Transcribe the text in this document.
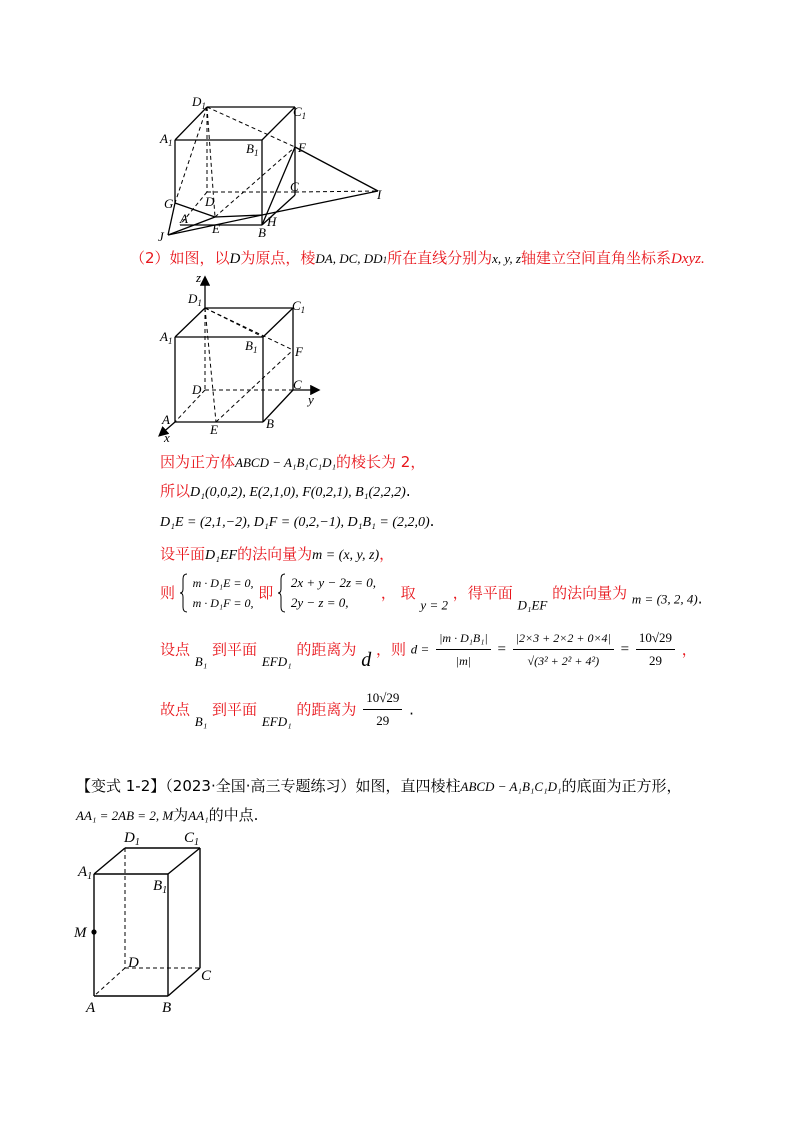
$D_1$	$C_1$
$A_1$	$B_1$	F
C
D
G
A
I
E	H
B
J
（2）如图，以D为原点，棱DA, DC, DD1所在直线分别为x, y, z轴建立空间直角坐标系Dxyz.
z
y
x
$D_1$	$C_1$
$A_1$	$B_1$	F
D	C
A
E	B
因为正方体ABCD − A₁B₁C₁D₁的棱长为 2，
所以D₁(0,0,2), E(2,1,0), F(0,2,1), B₁(2,2,2).
D₁E = (2,1,−2), D₁F = (0,2,−1), D₁B₁ = (2,2,0).
设平面D₁EF的法向量为m = (x, y, z)，
则
m · D₁E = 0,
m · D₁F = 0,
即
2x + y − 2z = 0,
2y − z = 0,
， 取 y = 2 ，得平面 D₁EF 的法向量为 m = (3, 2, 4).
设点 B₁ 到平面 EFD₁ 的距离为 d ，则 $d = \frac{\text{|m · D₁B₁|}}{|m|} = \frac{|2\times 3 + 2\times 2 + 0\times 4|}{\text{√(3² + 2² + 4²)}} = \frac{10√29}{29}$ ，
故点 B₁ 到平面 EFD₁ 的距离为 $\frac{10√29}{29}$ .
【变式 1-2】（2023·全国·高三专题练习）如图，直四棱柱ABCD − A₁B₁C₁D₁的底面为正方形，
AA₁ = 2AB = 2, M为AA₁的中点.
$D_1$	$C_1$
$A_1$
$B_1$
M
D
C
A	B
